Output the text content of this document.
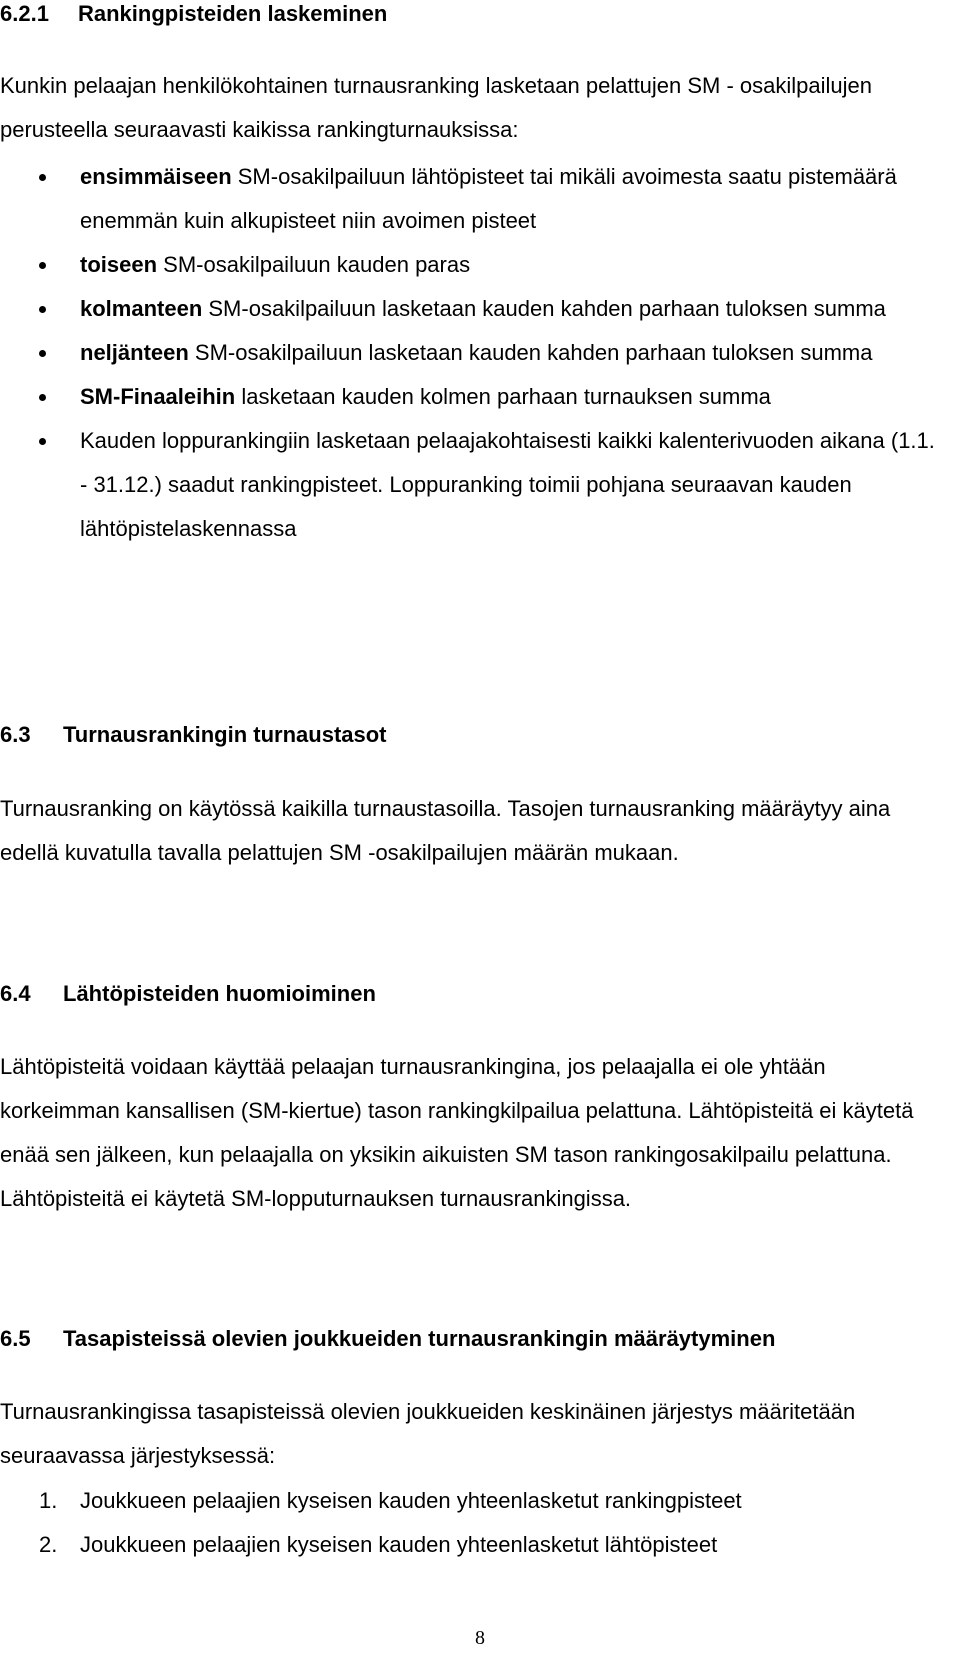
6.2.1 Rankingpisteiden laskeminen

Kunkin pelaajan henkilökohtainen turnausranking lasketaan pelattujen SM - osakilpailujen perusteella seuraavasti kaikissa rankingturnauksissa:

ensimmäiseen SM-osakilpailuun lähtöpisteet tai mikäli avoimesta saatu pistemäärä enemmän kuin alkupisteet niin avoimen pisteet
toiseen SM-osakilpailuun kauden paras
kolmanteen SM-osakilpailuun lasketaan kauden kahden parhaan tuloksen summa
neljänteen SM-osakilpailuun lasketaan kauden kahden parhaan tuloksen summa
SM-Finaaleihin lasketaan kauden kolmen parhaan turnauksen summa
Kauden loppurankingiin lasketaan pelaajakohtaisesti kaikki kalenterivuoden aikana (1.1. - 31.12.) saadut rankingpisteet. Loppuranking toimii pohjana seuraavan kauden lähtöpistelaskennassa
6.3 Turnausrankingin turnaustasot

Turnausranking on käytössä kaikilla turnaustasoilla. Tasojen turnausranking määräytyy aina edellä kuvatulla tavalla pelattujen SM -osakilpailujen määrän mukaan.

6.4 Lähtöpisteiden huomioiminen

Lähtöpisteitä voidaan käyttää pelaajan turnausrankingina, jos pelaajalla ei ole yhtään korkeimman kansallisen (SM-kiertue) tason rankingkilpailua pelattuna. Lähtöpisteitä ei käytetä enää sen jälkeen, kun pelaajalla on yksikin aikuisten SM tason rankingosakilpailu pelattuna. Lähtöpisteitä ei käytetä SM-lopputurnauksen turnausrankingissa.

6.5 Tasapisteissä olevien joukkueiden turnausrankingin määräytyminen

Turnausrankingissa tasapisteissä olevien joukkueiden keskinäinen järjestys määritetään seuraavassa järjestyksessä:

1. Joukkueen pelaajien kyseisen kauden yhteenlasketut rankingpisteet
2. Joukkueen pelaajien kyseisen kauden yhteenlasketut lähtöpisteet
8
